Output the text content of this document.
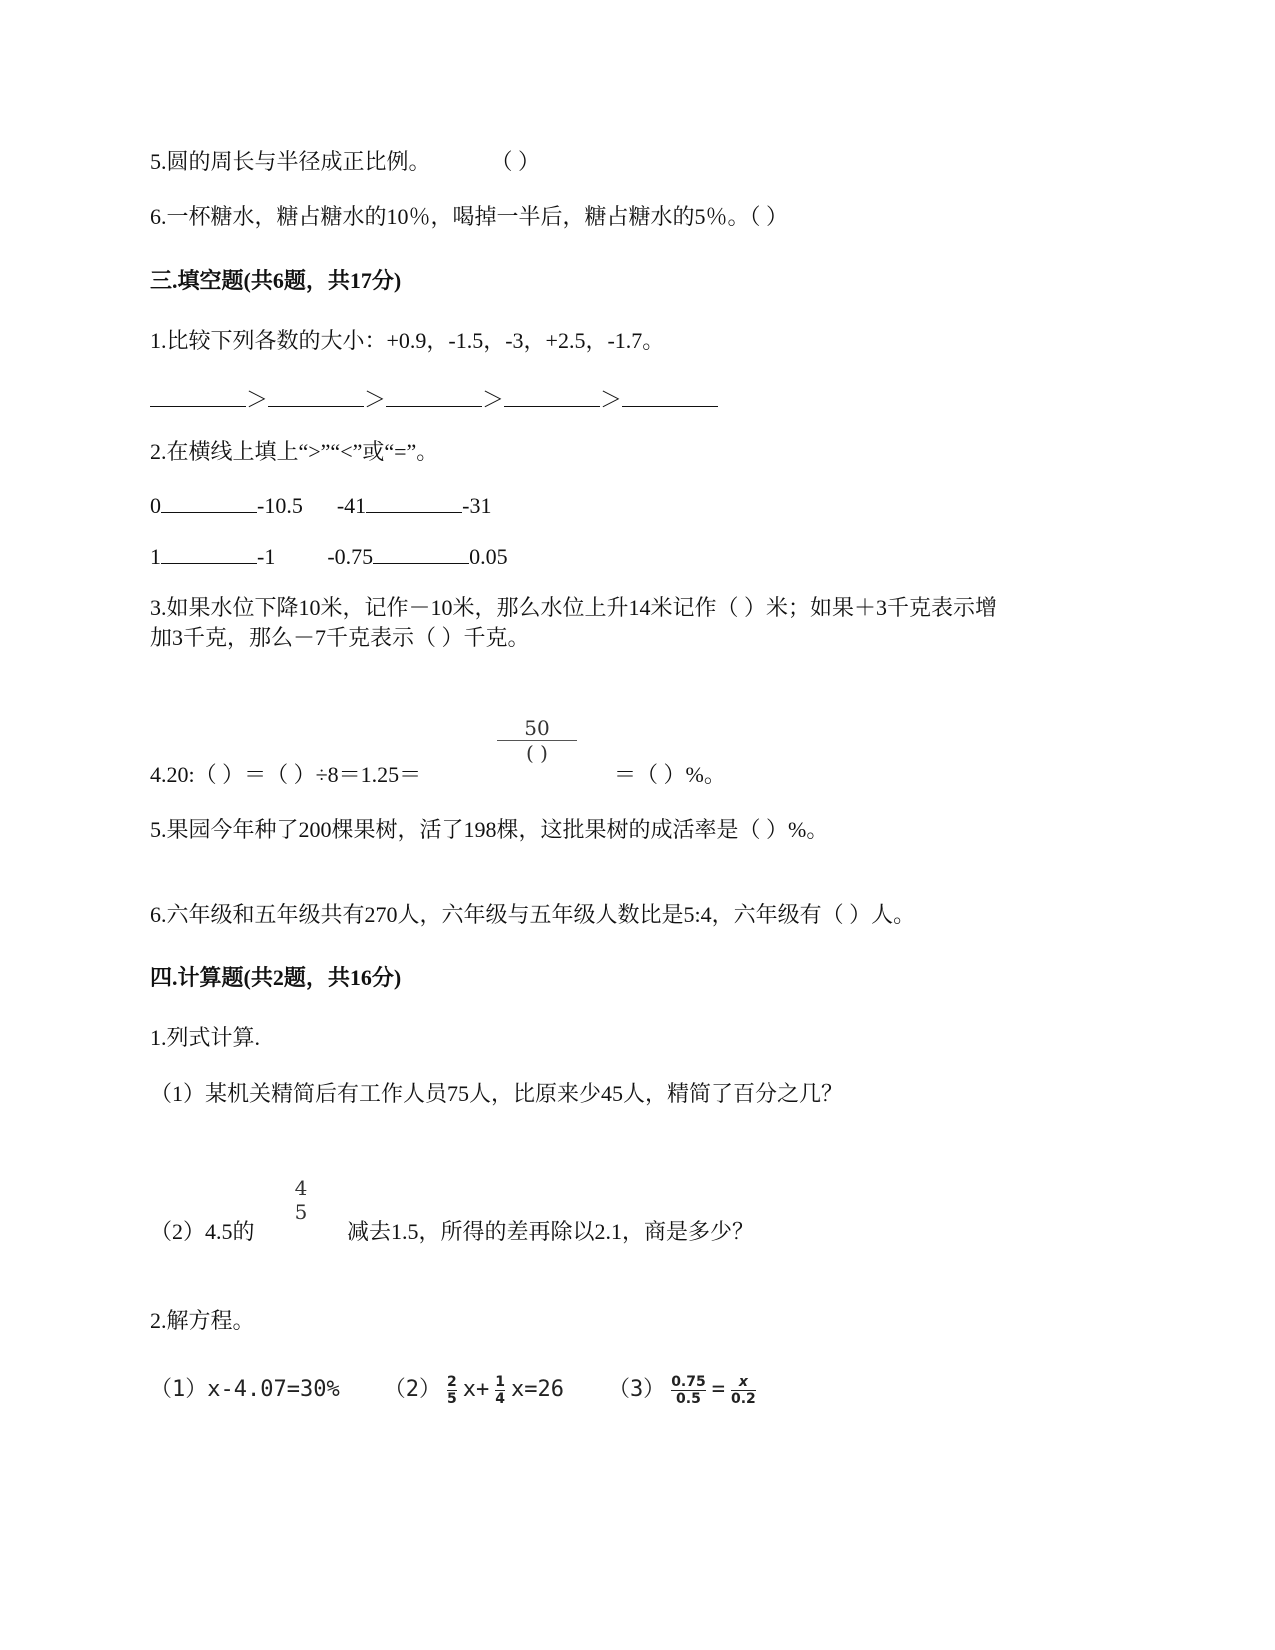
5.圆的周长与半径成正比例。	（ ）
6.一杯糖水，糖占糖水的10％，喝掉一半后，糖占糖水的5％。（ ）
三.填空题(共6题，共17分)
1.比较下列各数的大小：+0.9，-1.5，-3，+2.5，-1.7。
＞	＞	＞	＞
2.在横线上填上“>”“<”或“=”。
0	-10.5 -41	-31
1	-1 -0.75	0.05
3.如果水位下降10米，记作－10米，那么水位上升14米记作（ ）米；如果＋3千克表示增
加3千克，那么－7千克表示（ ）千克。
50
( )
4.20:（ ）＝（ ）÷8＝1.25＝	＝（ ）%。
5.果园今年种了200棵果树，活了198棵，这批果树的成活率是（ ）%。
6.六年级和五年级共有270人，六年级与五年级人数比是5:4，六年级有（ ）人。
四.计算题(共2题，共16分)
1.列式计算.
（1）某机关精简后有工作人员75人，比原来少45人，精简了百分之几？
4
5
（2）4.5的	减去1.5，所得的差再除以2.1，商是多少？
2.解方程。
（1）x-4.07=30% $(2) \frac{2}{5} x+ \frac{1}{4} x=26$ $(3) \frac{0.75}{0.5} = \frac{x}{0.2}$
